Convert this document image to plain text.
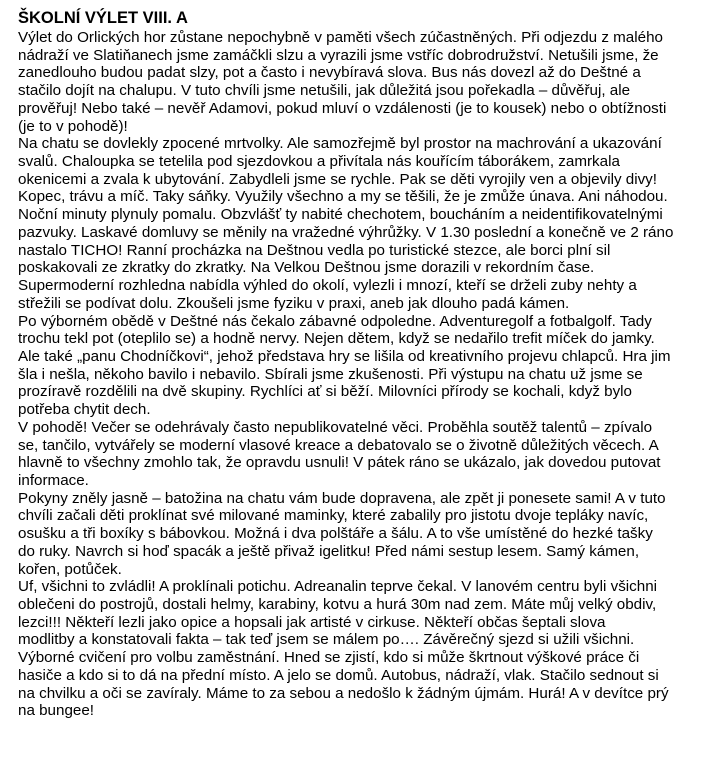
ŠKOLNÍ VÝLET VIII. A
Výlet do Orlických hor zůstane nepochybně v paměti všech zúčastněných. Při odjezdu z malého
nádraží ve Slatiňanech jsme zamáčkli slzu a vyrazili jsme vstříc dobrodružství. Netušili jsme, že
zanedlouho budou padat slzy, pot a často i nevybíravá slova. Bus nás dovezl až do Deštné a
stačilo dojít na chalupu. V tuto chvíli jsme netušili, jak důležitá jsou pořekadla – důvěřuj, ale
prověřuj! Nebo také – nevěř Adamovi, pokud mluví o vzdálenosti (je to kousek) nebo o obtížnosti
(je to v pohodě)!
Na chatu se dovlekly zpocené mrtvolky. Ale samozřejmě byl prostor na machrování a ukazování
svalů. Chaloupka se tetelila pod sjezdovkou a přivítala nás kouřícím táborákem, zamrkala
okenicemi a zvala k ubytování. Zabydleli jsme se rychle. Pak se děti vyrojily ven a objevily divy!
Kopec, trávu a míč. Taky sáňky. Využily všechno a my se těšili, že je zmůže únava. Ani náhodou.
Noční minuty plynuly pomalu. Obzvlášť ty nabité chechotem, boucháním a neidentifikovatelnými
pazvuky. Laskavé domluvy se měnily na vražedné výhrůžky. V 1.30 poslední a konečně ve 2 ráno
nastalo TICHO! Ranní procházka na Deštnou vedla po turistické stezce, ale borci plní sil
poskakovali ze zkratky do zkratky. Na Velkou Deštnou jsme dorazili v rekordním čase.
Supermoderní rozhledna nabídla výhled do okolí, vylezli i mnozí, kteří se drželi zuby nehty a
střežili se podívat dolu. Zkoušeli jsme fyziku v praxi, aneb jak dlouho padá kámen.
Po výborném obědě v Deštné nás čekalo zábavné odpoledne. Adventuregolf a fotbalgolf. Tady
trochu tekl pot (oteplilo se) a hodně nervy. Nejen dětem, když se nedařilo trefit míček do jamky.
Ale také „panu Chodníčkovi“, jehož představa hry se lišila od kreativního projevu chlapců. Hra jim
šla i nešla, někoho bavilo i nebavilo. Sbírali jsme zkušenosti. Při výstupu na chatu už jsme se
prozíravě rozdělili na dvě skupiny. Rychlíci ať si běží. Milovníci přírody se kochali, když bylo
potřeba chytit dech.
V pohodě! Večer se odehrávaly často nepublikovatelné věci. Proběhla soutěž talentů – zpívalo
se, tančilo, vytvářely se moderní vlasové kreace a debatovalo se o životně důležitých věcech. A
hlavně to všechny zmohlo tak, že opravdu usnuli! V pátek ráno se ukázalo, jak dovedou putovat
informace.
Pokyny zněly jasně – batožina na chatu vám bude dopravena, ale zpět ji ponesete sami! A v tuto
chvíli začali děti proklínat své milované maminky, které zabalily pro jistotu dvoje tepláky navíc,
osušku a tři boxíky s bábovkou. Možná i dva polštáře a šálu. A to vše umístěné do hezké tašky
do ruky. Navrch si hoď spacák a ještě přivaž igelitku! Před námi sestup lesem. Samý kámen,
kořen, potůček.
Uf, všichni to zvládli! A proklínali potichu. Adreanalin teprve čekal. V lanovém centru byli všichni
oblečeni do postrojů, dostali helmy, karabiny, kotvu a hurá 30m nad zem. Máte můj velký obdiv,
lezci!!! Někteří lezli jako opice a hopsali jak artisté v cirkuse. Někteří občas šeptali slova
modlitby a konstatovali fakta – tak teď jsem se málem po…. Závěrečný sjezd si užili všichni.
Výborné cvičení pro volbu zaměstnání. Hned se zjistí, kdo si může škrtnout výškové práce či
hasiče a kdo si to dá na přední místo. A jelo se domů. Autobus, nádraží, vlak. Stačilo sednout si
na chvilku a oči se zavíraly. Máme to za sebou a nedošlo k žádným újmám. Hurá! A v devítce prý
na bungee!
